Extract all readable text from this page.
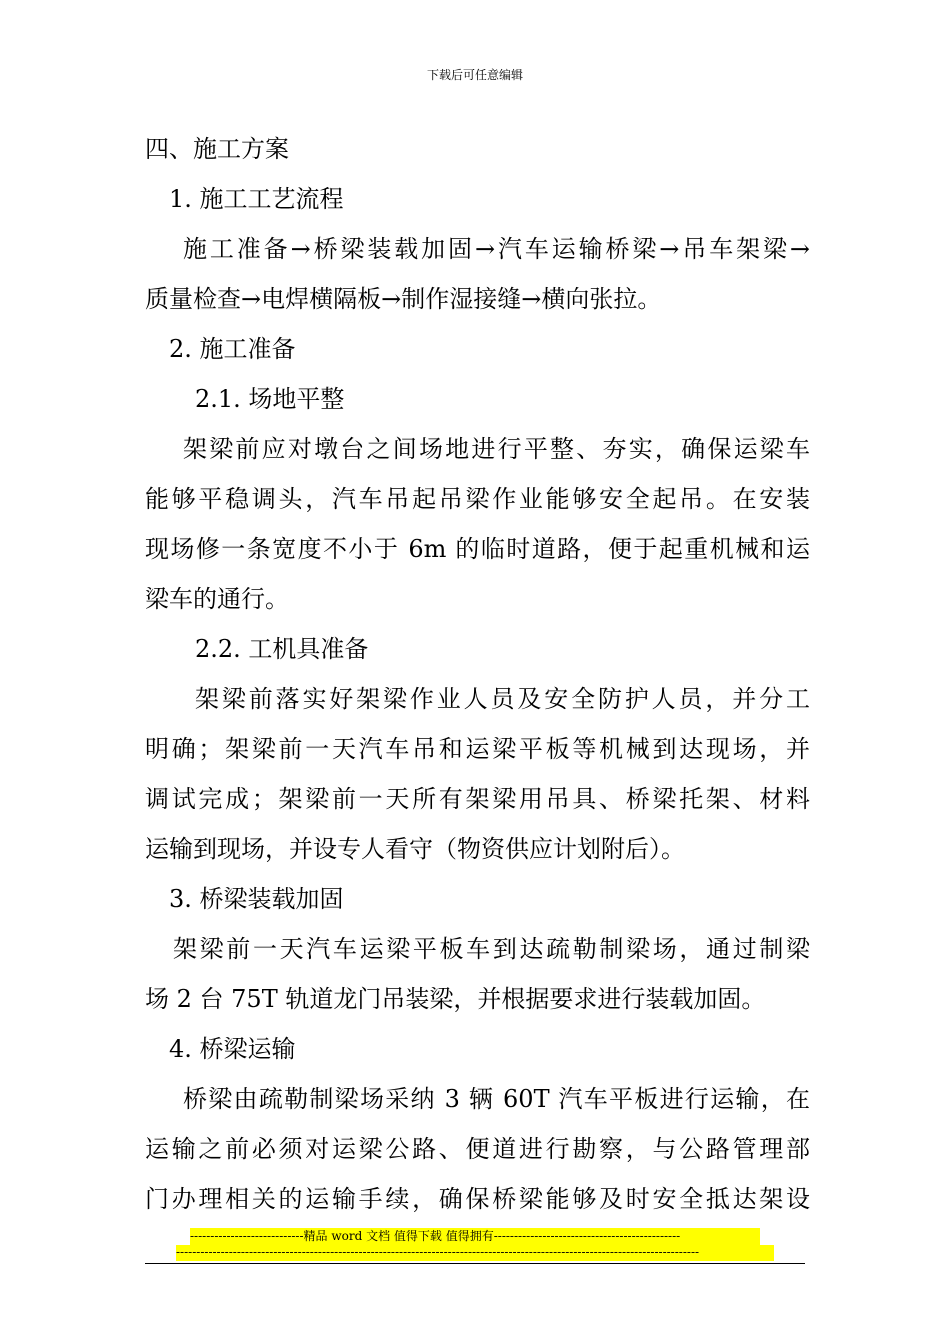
下载后可任意编辑
四、施工方案
1. 施工工艺流程
施工准备→桥梁装载加固→汽车运输桥梁→吊车架梁→
质量检查→电焊横隔板→制作湿接缝→横向张拉。
2. 施工准备
2.1. 场地平整
架梁前应对墩台之间场地进行平整、夯实，确保运梁车
能够平稳调头，汽车吊起吊梁作业能够安全起吊。在安装
现场修一条宽度不小于 6m 的临时道路，便于起重机械和运
梁车的通行。
2.2. 工机具准备
架梁前落实好架梁作业人员及安全防护人员，并分工
明确；架梁前一天汽车吊和运梁平板等机械到达现场，并
调试完成；架梁前一天所有架梁用吊具、桥梁托架、材料
运输到现场，并设专人看守（物资供应计划附后）。
3. 桥梁装载加固
架梁前一天汽车运梁平板车到达疏勒制梁场，通过制梁
场 2 台 75T 轨道龙门吊装梁，并根据要求进行装载加固。
4. 桥梁运输
桥梁由疏勒制梁场采纳 3 辆 60T 汽车平板进行运输，在
运输之前必须对运梁公路、便道进行勘察，与公路管理部
门办理相关的运输手续，确保桥梁能够及时安全抵达架设
----------------------------精品 word 文档 值得下载 值得拥有----------------------------------------------
---------------------------------------------------------------------------------------------------------------------------------
